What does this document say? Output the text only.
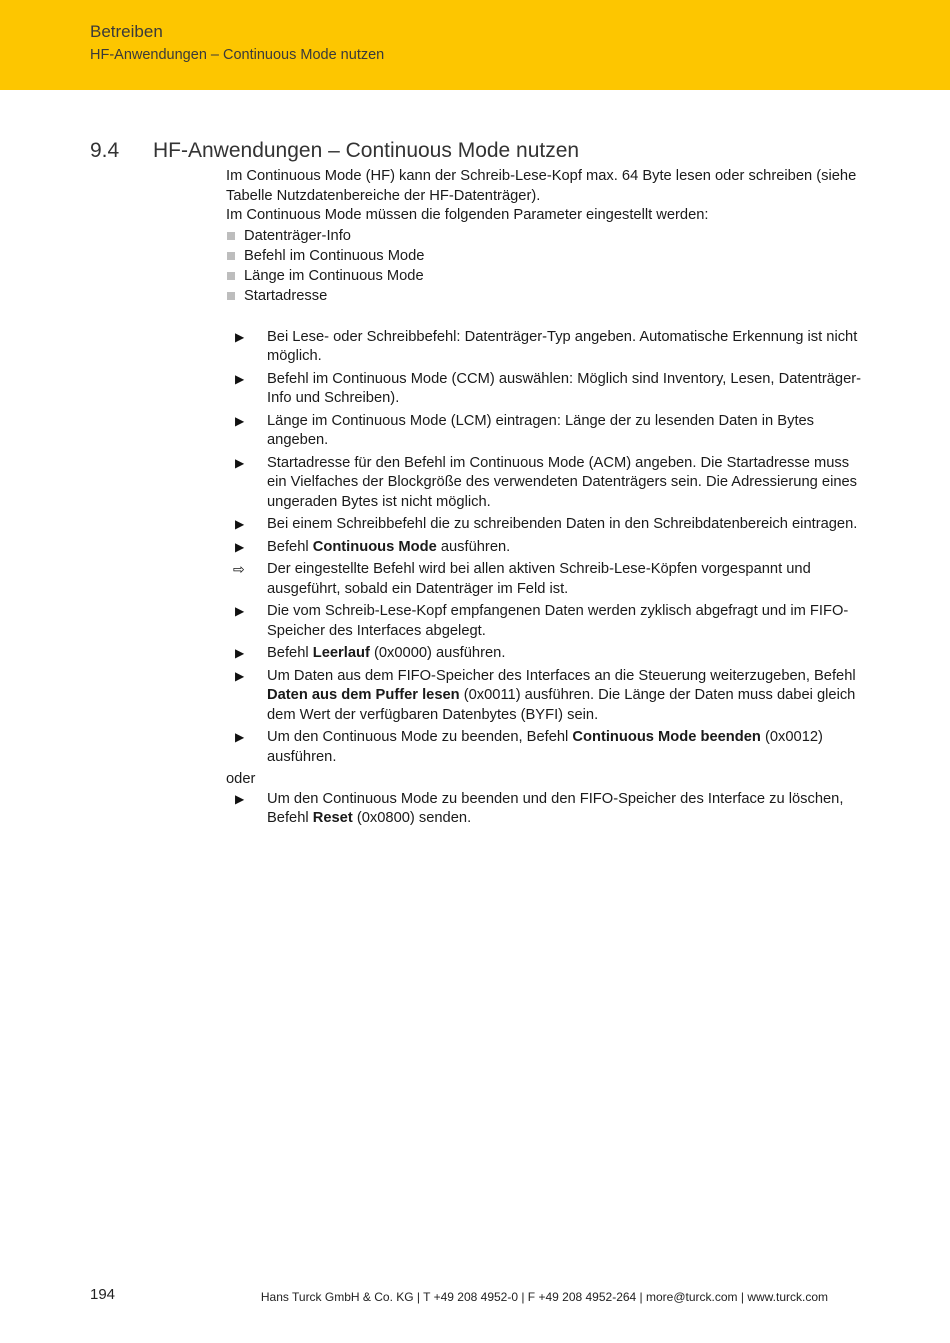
Betreiben
HF-Anwendungen – Continuous Mode nutzen
9.4 HF-Anwendungen – Continuous Mode nutzen

Im Continuous Mode (HF) kann der Schreib-Lese-Kopf max. 64 Byte lesen oder schreiben (siehe Tabelle Nutzdatenbereiche der HF-Datenträger).

Im Continuous Mode müssen die folgenden Parameter eingestellt werden:

Datenträger-Info
Befehl im Continuous Mode
Länge im Continuous Mode
Startadresse
▶ Bei Lese- oder Schreibbefehl: Datenträger-Typ angeben. Automatische Erkennung ist nicht möglich.
▶ Befehl im Continuous Mode (CCM) auswählen: Möglich sind Inventory, Lesen, Datenträger-Info und Schreiben).
▶ Länge im Continuous Mode (LCM) eintragen: Länge der zu lesenden Daten in Bytes angeben.
▶ Startadresse für den Befehl im Continuous Mode (ACM) angeben. Die Startadresse muss ein Vielfaches der Blockgröße des verwendeten Datenträgers sein. Die Adressierung eines ungeraden Bytes ist nicht möglich.
▶ Bei einem Schreibbefehl die zu schreibenden Daten in den Schreibdatenbereich eintragen.
▶ Befehl Continuous Mode ausführen.
⇨ Der eingestellte Befehl wird bei allen aktiven Schreib-Lese-Köpfen vorgespannt und ausgeführt, sobald ein Datenträger im Feld ist.
▶ Die vom Schreib-Lese-Kopf empfangenen Daten werden zyklisch abgefragt und im FIFO-Speicher des Interfaces abgelegt.
▶ Befehl Leerlauf (0x0000) ausführen.
▶ Um Daten aus dem FIFO-Speicher des Interfaces an die Steuerung weiterzugeben, Befehl Daten aus dem Puffer lesen (0x0011) ausführen. Die Länge der Daten muss dabei gleich dem Wert der verfügbaren Datenbytes (BYFI) sein.
▶ Um den Continuous Mode zu beenden, Befehl Continuous Mode beenden (0x0012) ausführen.

oder

▶ Um den Continuous Mode zu beenden und den FIFO-Speicher des Interface zu löschen, Befehl Reset (0x0800) senden.
194	Hans Turck GmbH & Co. KG | T +49 208 4952-0 | F +49 208 4952-264 | more@turck.com | www.turck.com
